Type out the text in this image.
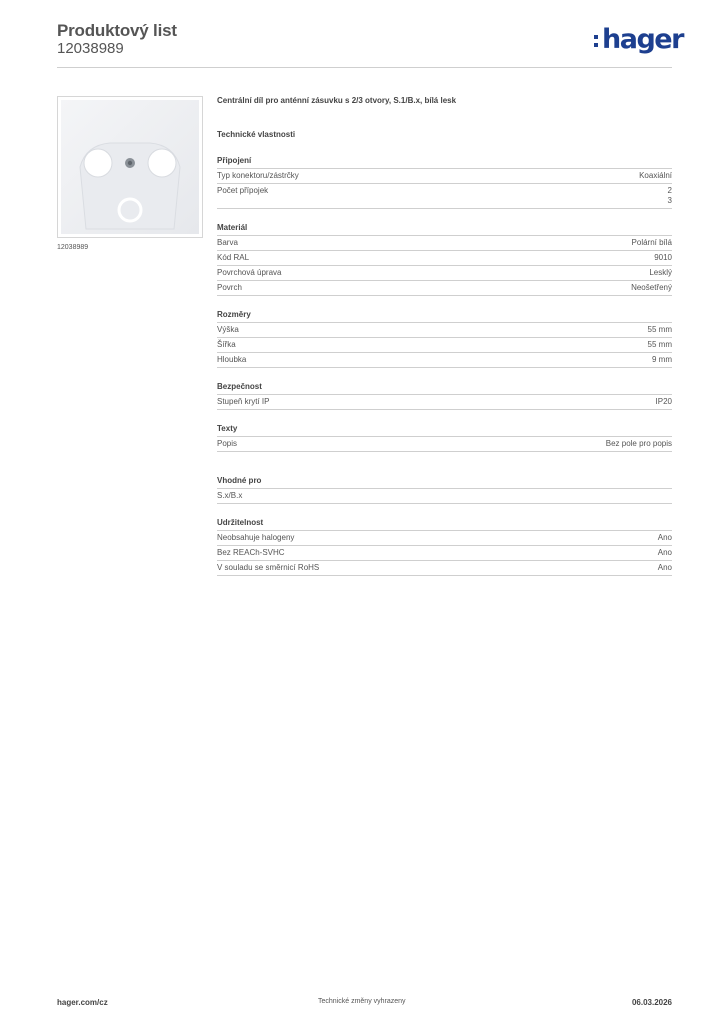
Produktový list
12038989	hager
12038989
Centrální díl pro anténní zásuvku s 2/3 otvory, S.1/B.x, bílá lesk
Technické vlastnosti
Připojení
Typ konektoru/zástrčky	Koaxiální
Počet přípojek	2
3
Materiál
Barva	Polární bílá
Kód RAL	9010
Povrchová úprava	Lesklý
Povrch	Neošetřený
Rozměry
Výška	55 mm
Šířka	55 mm
Hloubka	9 mm
Bezpečnost
Stupeň krytí IP	IP20
Texty
Popis	Bez pole pro popis
Vhodné pro
S.x/B.x
Udržitelnost
Neobsahuje halogeny	Ano
Bez REACh-SVHC	Ano
V souladu se směrnicí RoHS	Ano
hager.com/cz	Technické změny vyhrazeny	06.03.2026
